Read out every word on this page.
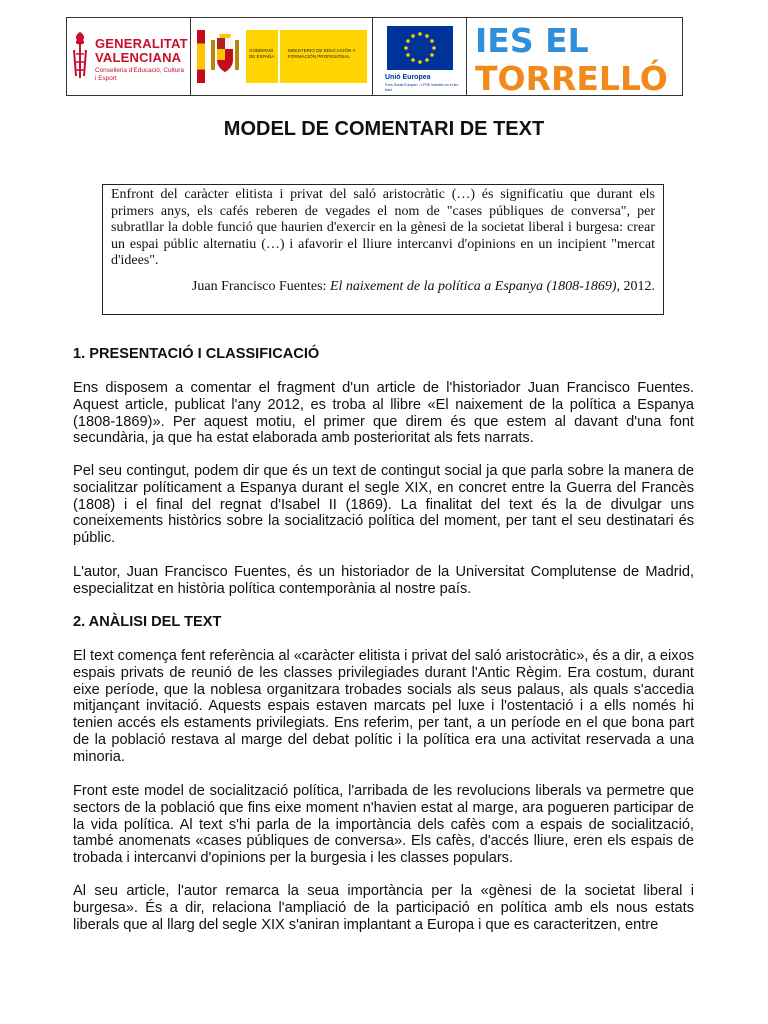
GENERALITAT
VALENCIANA
Conselleria d'Educació, Cultura i Esport
GOBIERNO DE ESPAÑA
MINISTERIO DE EDUCACIÓN Y FORMACIÓN PROFESIONAL
Unió Europea
Fons Social Europeu · L'FSE inverteix en el teu futur
IES EL
TORRELLÓ
MODEL DE COMENTARI DE TEXT

Enfront del caràcter elitista i privat del saló aristocràtic (…) és significatiu que durant els primers anys, els cafés reberen de vegades el nom de "cases públiques de conversa", per subratllar la doble funció que haurien d'exercir en la gènesi de la societat liberal i burgesa: crear un espai públic alternatiu (…) i afavorir el lliure intercanvi d'opinions en un incipient "mercat d'idees".

Juan Francisco Fuentes: El naixement de la política a Espanya (1808-1869), 2012.

1. PRESENTACIÓ I CLASSIFICACIÓ

Ens disposem a comentar el fragment d'un article de l'historiador Juan Francisco Fuentes. Aquest article, publicat l'any 2012, es troba al llibre «El naixement de la política a Espanya (1808-1869)». Per aquest motiu, el primer que direm és que estem al davant d'una font secundària, ja que ha estat elaborada amb posterioritat als fets narrats.

Pel seu contingut, podem dir que és un text de contingut social ja que parla sobre la manera de socialitzar políticament a Espanya durant el segle XIX, en concret entre la Guerra del Francès (1808) i el final del regnat d'Isabel II (1869). La finalitat del text és la de divulgar uns coneixements històrics sobre la socialització política del moment, per tant el seu destinatari és públic.

L'autor, Juan Francisco Fuentes, és un historiador de la Universitat Complutense de Madrid, especialitzat en història política contemporània al nostre país.

2. ANÀLISI DEL TEXT

El text comença fent referència al «caràcter elitista i privat del saló aristocràtic», és a dir, a eixos espais privats de reunió de les classes privilegiades durant l'Antic Règim. Era costum, durant eixe període, que la noblesa organitzara trobades socials als seus palaus, als quals s'accedia mitjançant invitació. Aquests espais estaven marcats pel luxe i l'ostentació i a ells només hi tenien accés els estaments privilegiats. Ens referim, per tant, a un període en el que bona part de la població restava al marge del debat polític i la política era una activitat reservada a una minoria.

Front este model de socialització política, l'arribada de les revolucions liberals va permetre que sectors de la població que fins eixe moment n'havien estat al marge, ara pogueren participar de la vida política. Al text s'hi parla de la importància dels cafès com a espais de socialització, també anomenats «cases públiques de conversa». Els cafès, d'accés lliure, eren els espais de trobada i intercanvi d'opinions per la burgesia i les classes populars.

Al seu article, l'autor remarca la seua importància per la «gènesi de la societat liberal i burgesa». És a dir, relaciona l'ampliació de la participació en política amb els nous estats liberals que al llarg del segle XIX s'aniran implantant a Europa i que es caracteritzen, entre
